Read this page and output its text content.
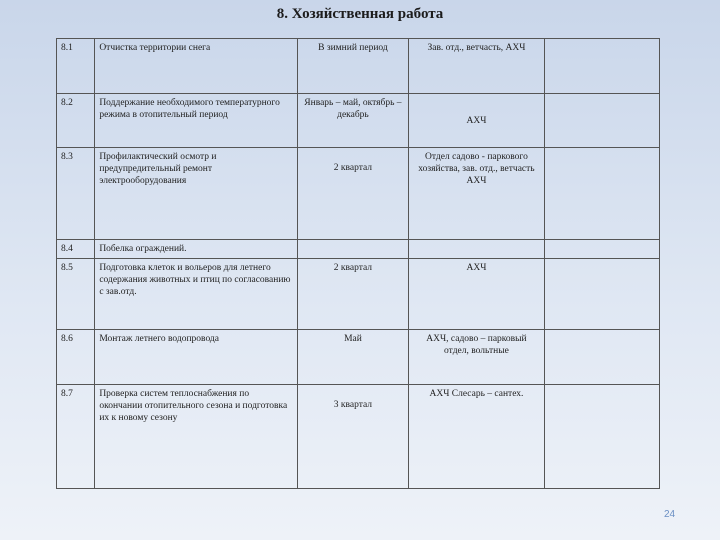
8. Хозяйственная работа
8.1	Отчистка территории снега	В зимний период	Зав. отд., ветчасть, АХЧ	
8.2	Поддержание необходимого температурного режима в отопительный период	Январь – май, октябрь – декабрь	АХЧ	
8.3	Профилактический осмотр и предупредительный ремонт электрооборудования	2 квартал	Отдел садово - паркового хозяйства, зав. отд., ветчасть АХЧ	
8.4	Побелка ограждений.			
8.5	Подготовка клеток и вольеров для летнего содержания животных и птиц по согласованию с зав.отд.	2 квартал	АХЧ	
8.6	Монтаж летнего водопровода	Май	АХЧ, садово – парковый отдел, вольтные	
8.7	Проверка систем теплоснабжения по окончании отопительного сезона и подготовка их к новому сезону	3 квартал	АХЧ Слесарь – сантех.	
24
